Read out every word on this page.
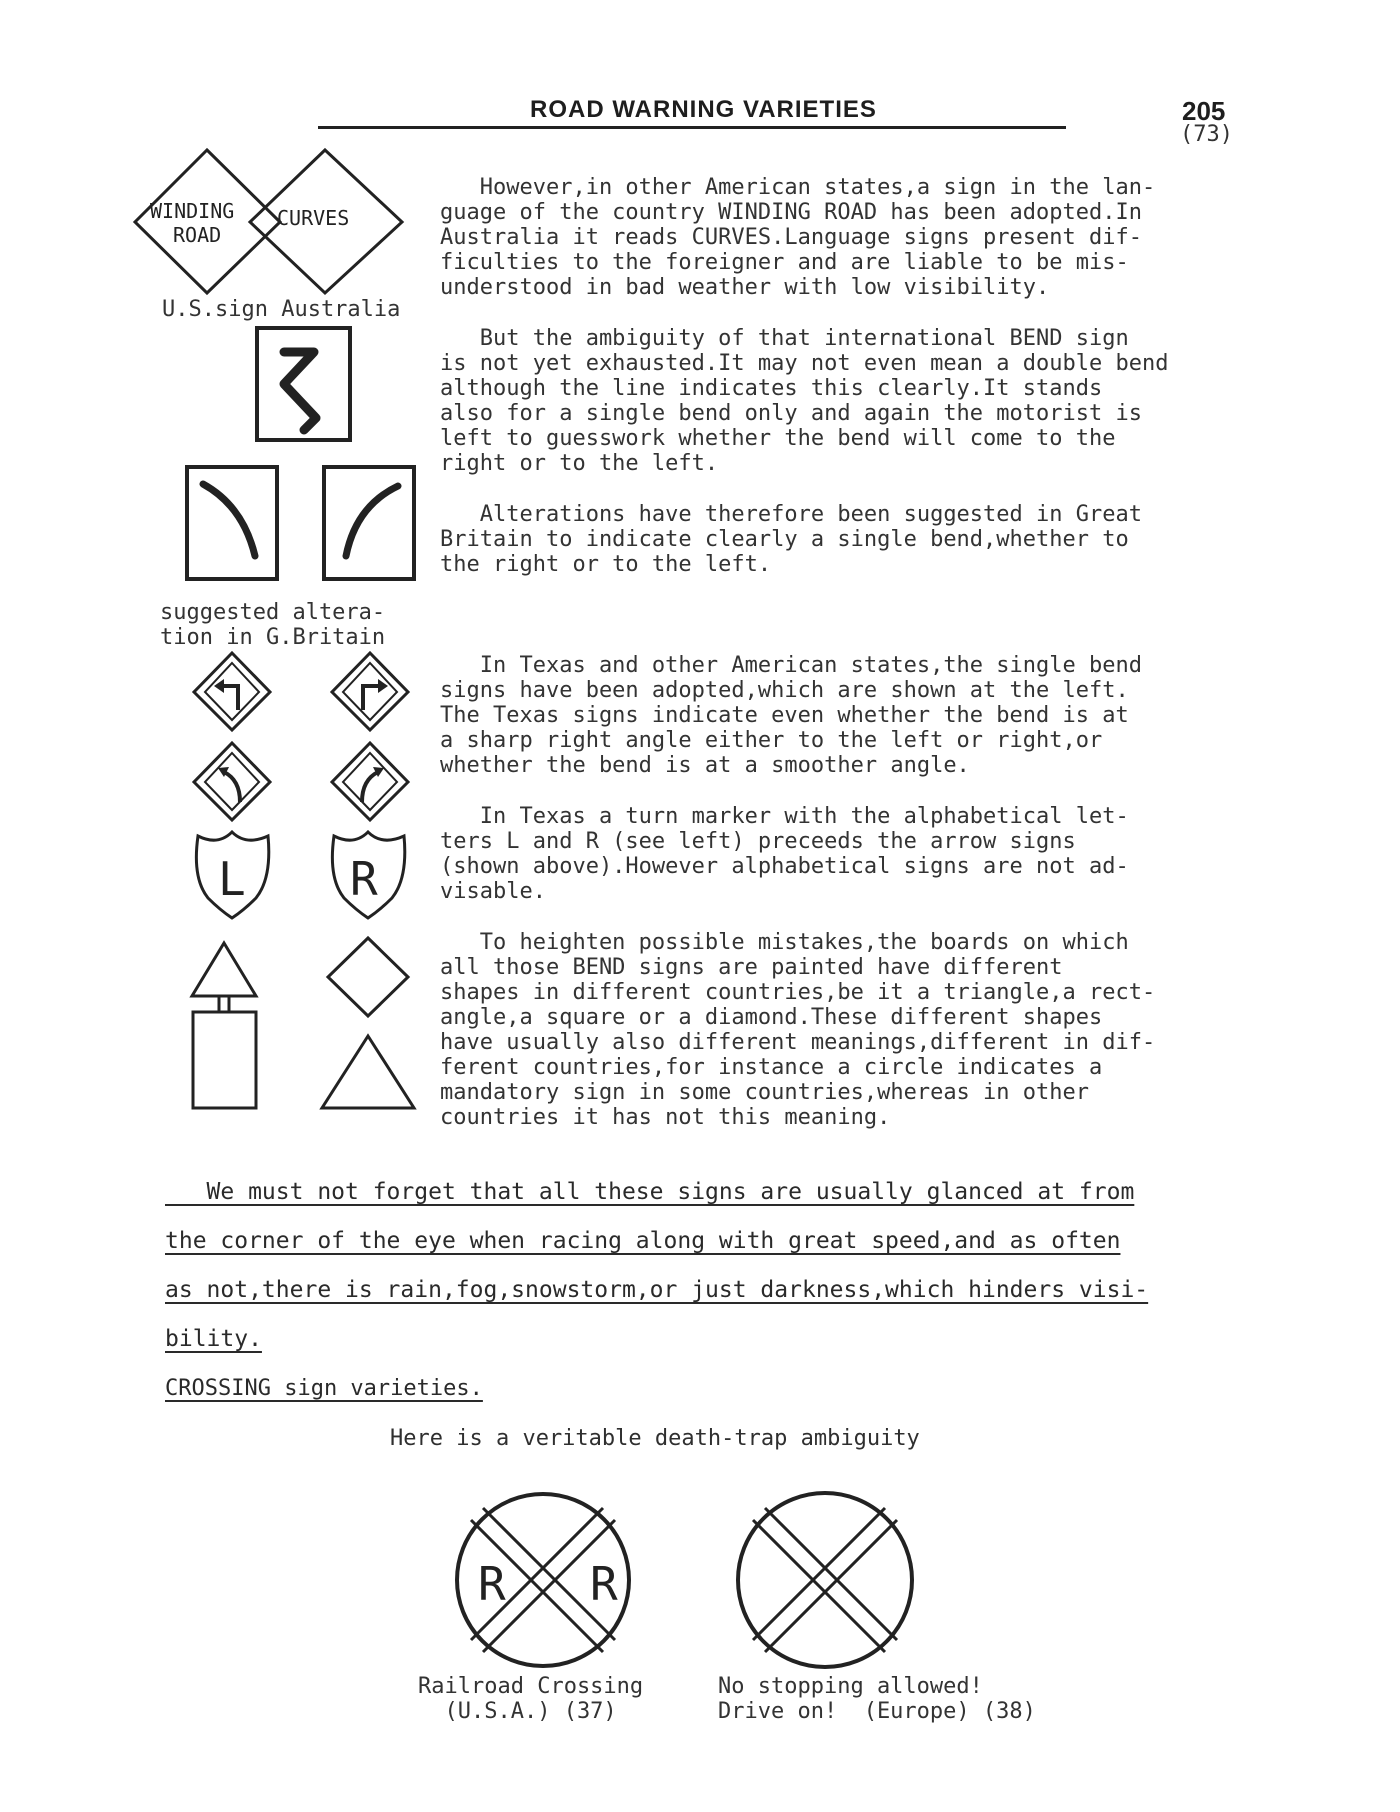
ROAD WARNING VARIETIES	205
(73)
WINDING
ROAD
CURVES
L R
R R
U.S.sign Australia
suggested altera-
tion in G.Britain
However,in other American states,a sign in the lan-
guage of the country WINDING ROAD has been adopted.In
Australia it reads CURVES.Language signs present dif-
ficulties to the foreigner and are liable to be mis-
understood in bad weather with low visibility.
But the ambiguity of that international BEND sign
is not yet exhausted.It may not even mean a double bend
although the line indicates this clearly.It stands
also for a single bend only and again the motorist is
left to guesswork whether the bend will come to the
right or to the left.
Alterations have therefore been suggested in Great
Britain to indicate clearly a single bend,whether to
the right or to the left.
In Texas and other American states,the single bend
signs have been adopted,which are shown at the left.
The Texas signs indicate even whether the bend is at
a sharp right angle either to the left or right,or
whether the bend is at a smoother angle.
In Texas a turn marker with the alphabetical let-
ters L and R (see left) preceeds the arrow signs
(shown above).However alphabetical signs are not ad-
visable.
To heighten possible mistakes,the boards on which
all those BEND signs are painted have different
shapes in different countries,be it a triangle,a rect-
angle,a square or a diamond.These different shapes
have usually also different meanings,different in dif-
ferent countries,for instance a circle indicates a
mandatory sign in some countries,whereas in other
countries it has not this meaning.
We must not forget that all these signs are usually glanced at from
the corner of the eye when racing along with great speed,and as often
as not,there is rain,fog,snowstorm,or just darkness,which hinders visi-
bility.
CROSSING sign varieties.
Here is a veritable death-trap ambiguity
Railroad Crossing
(U.S.A.) (37)
No stopping allowed!
Drive on!  (Europe) (38)
